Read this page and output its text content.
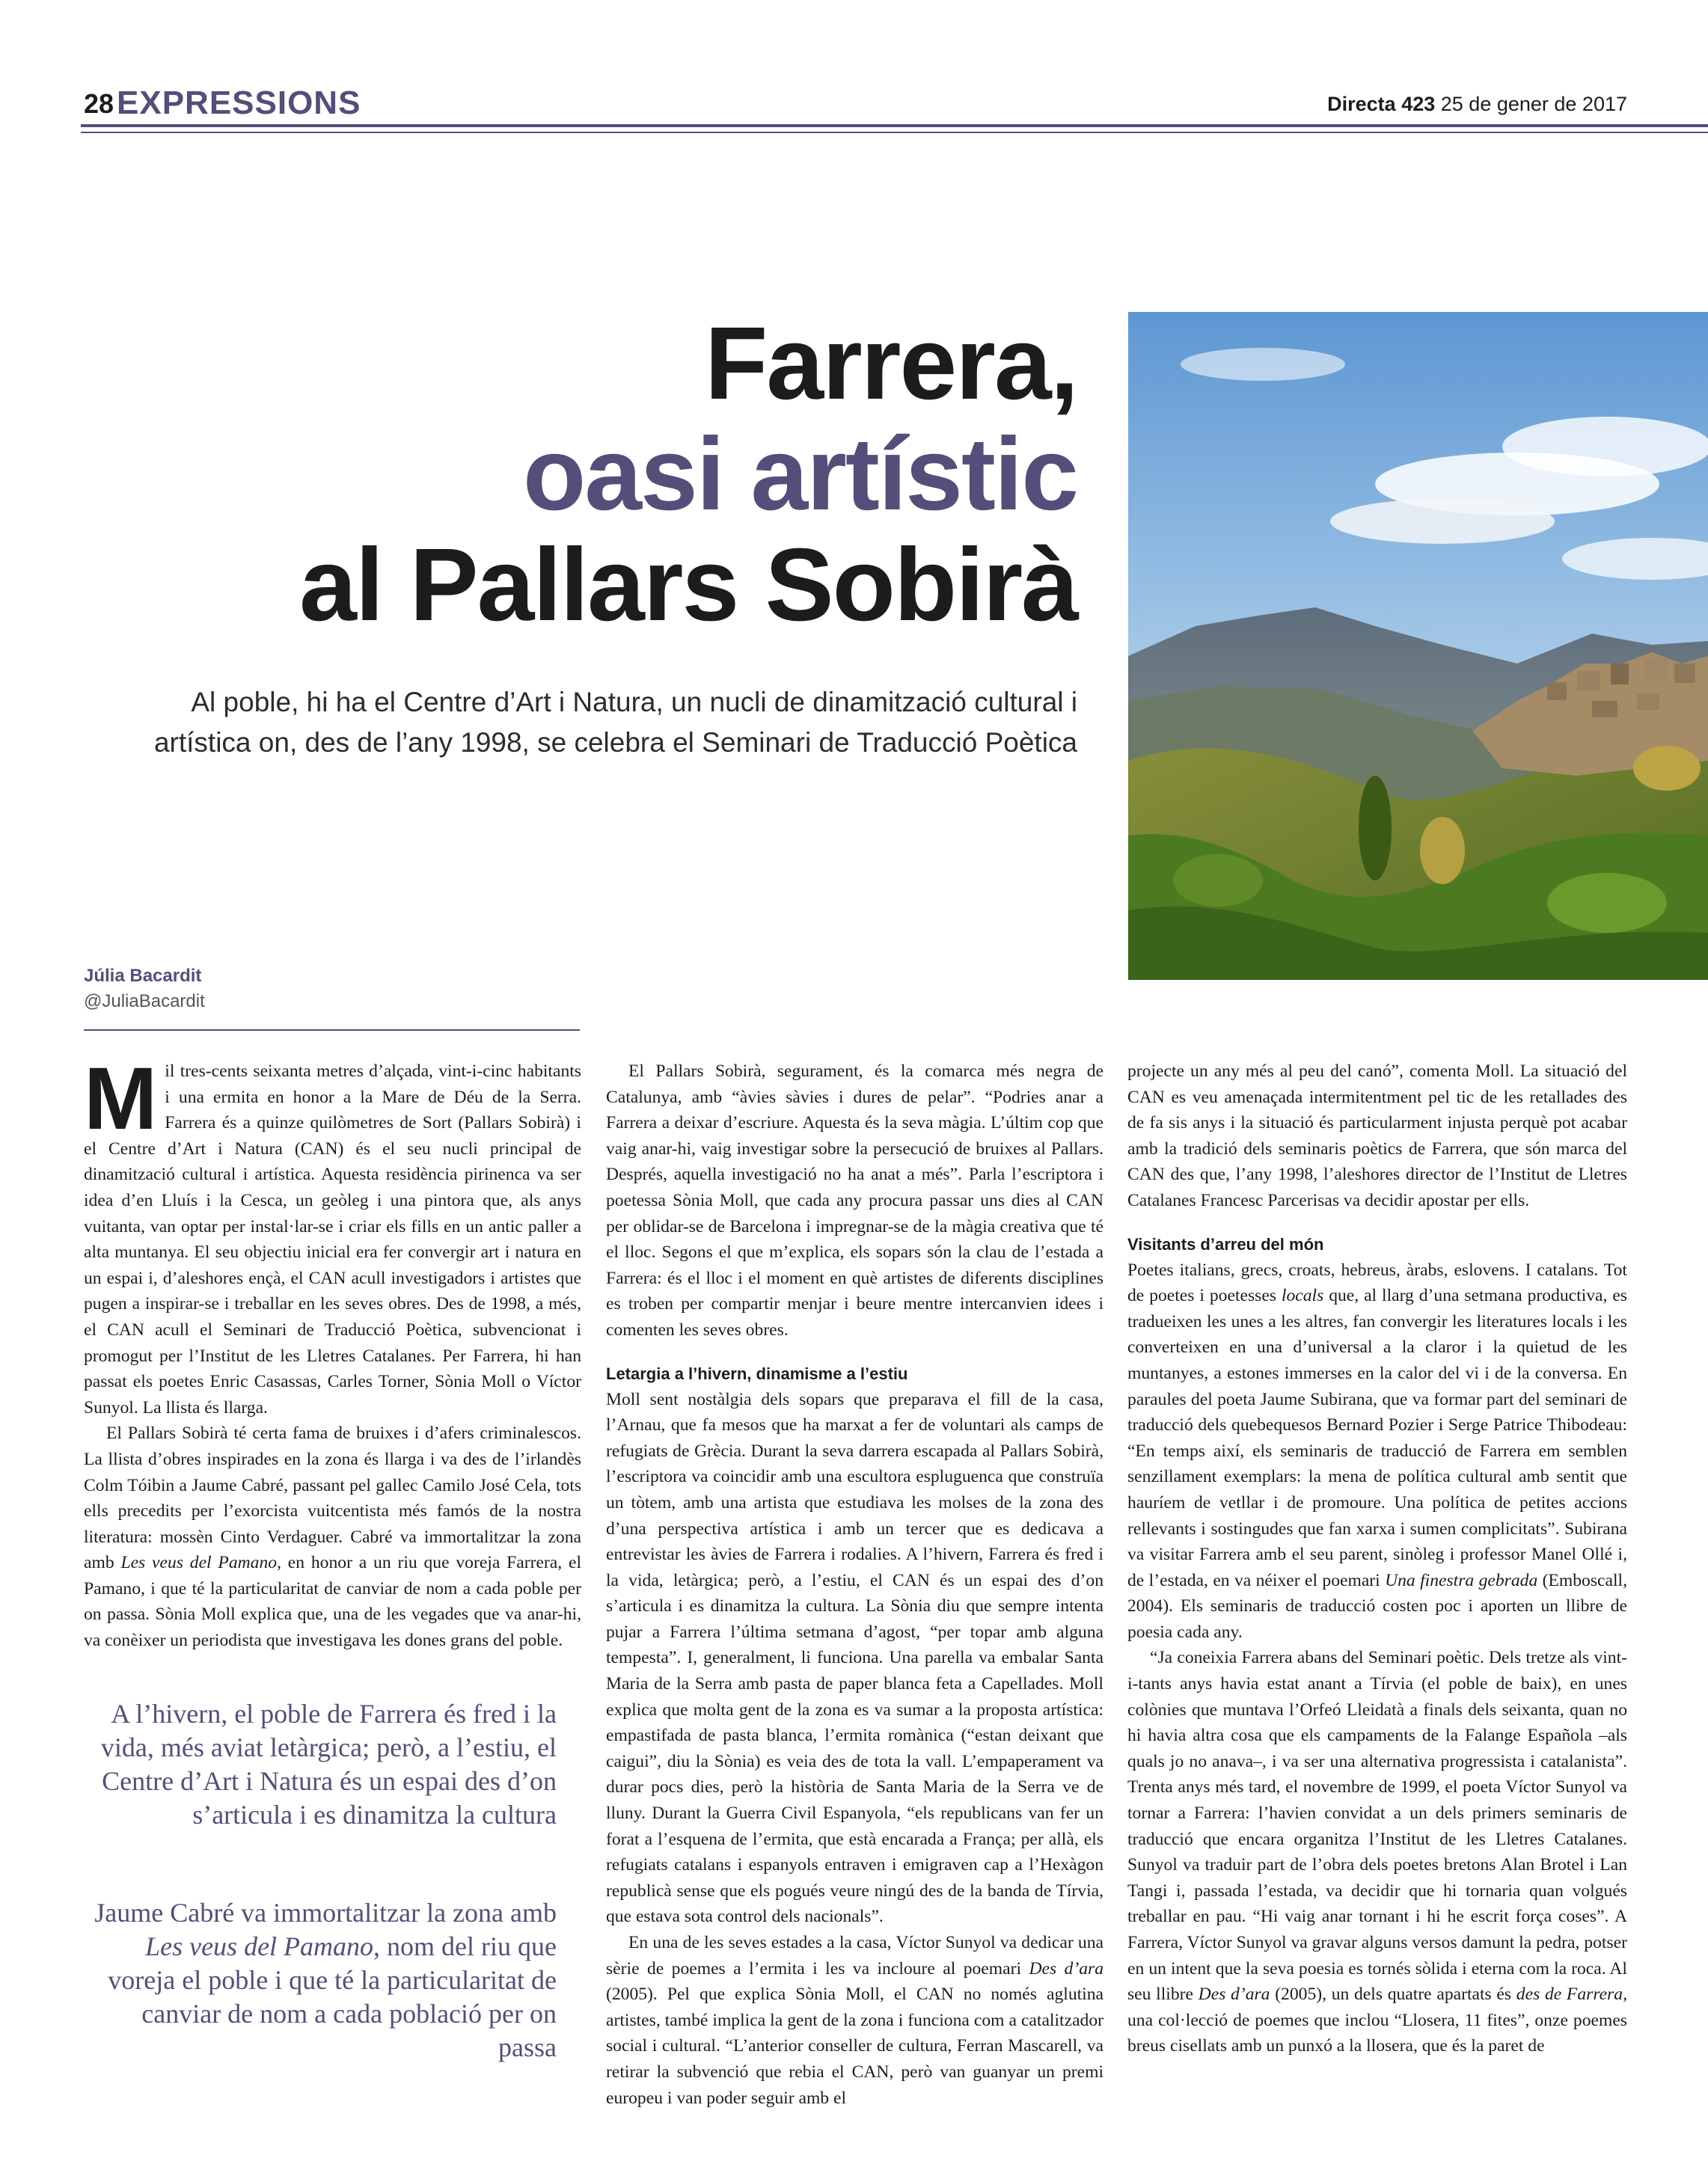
28 EXPRESSIONS	Directa 423 25 de gener de 2017
Farrera,
oasi artístic
al Pallars Sobirà
Al poble, hi ha el Centre d’Art i Natura, un nucli de dinamització cultural i artística on, des de l’any 1998, se celebra el Seminari de Traducció Poètica
Júlia Bacardit
@JuliaBacardit

Mil tres-cents seixanta metres d’alçada, vint-i-cinc habitants i una ermita en honor a la Mare de Déu de la Serra. Farrera és a quinze quilòmetres de Sort (Pallars Sobirà) i el Centre d’Art i Natura (CAN) és el seu nucli principal de dinamització cultural i artística. Aquesta residència pirinenca va ser idea d’en Lluís i la Cesca, un geòleg i una pintora que, als anys vuitanta, van optar per instal·lar-se i criar els fills en un antic paller a alta muntanya. El seu objectiu inicial era fer convergir art i natura en un espai i, d’aleshores ençà, el CAN acull investigadors i artistes que pugen a inspirar-se i treballar en les seves obres. Des de 1998, a més, el CAN acull el Seminari de Traducció Poètica, subvencionat i promogut per l’Institut de les Lletres Catalanes. Per Farrera, hi han passat els poetes Enric Casassas, Carles Torner, Sònia Moll o Víctor Sunyol. La llista és llarga.

El Pallars Sobirà té certa fama de bruixes i d’afers criminalescos. La llista d’obres inspirades en la zona és llarga i va des de l’irlandès Colm Tóibin a Jaume Cabré, passant pel gallec Camilo José Cela, tots ells precedits per l’exorcista vuitcentista més famós de la nostra literatura: mossèn Cinto Verdaguer. Cabré va immortalitzar la zona amb Les veus del Pamano, en honor a un riu que voreja Farrera, el Pamano, i que té la particularitat de canviar de nom a cada poble per on passa. Sònia Moll explica que, una de les vegades que va anar-hi, va conèixer un periodista que investigava les dones grans del poble.

A l’hivern, el poble de Farrera és fred i la vida, més aviat letàrgica; però, a l’estiu, el Centre d’Art i Natura és un espai des d’on s’articula i es dinamitza la cultura
Jaume Cabré va immortalitzar la zona amb Les veus del Pamano, nom del riu que voreja el poble i que té la particularitat de canviar de nom a cada població per on passa

El Pallars Sobirà, segurament, és la comarca més negra de Catalunya, amb “àvies sàvies i dures de pelar”. “Podries anar a Farrera a deixar d’escriure. Aquesta és la seva màgia. L’últim cop que vaig anar-hi, vaig investigar sobre la persecució de bruixes al Pallars. Després, aquella investigació no ha anat a més”. Parla l’escriptora i poetessa Sònia Moll, que cada any procura passar uns dies al CAN per oblidar-se de Barcelona i impregnar-se de la màgia creativa que té el lloc. Segons el que m’explica, els sopars són la clau de l’estada a Farrera: és el lloc i el moment en què artistes de diferents disciplines es troben per compartir menjar i beure mentre intercanvien idees i comenten les seves obres.

Letargia a l’hivern, dinamisme a l’estiu

Moll sent nostàlgia dels sopars que preparava el fill de la casa, l’Arnau, que fa mesos que ha marxat a fer de voluntari als camps de refugiats de Grècia. Durant la seva darrera escapada al Pallars Sobirà, l’escriptora va coincidir amb una escultora espluguenca que construïa un tòtem, amb una artista que estudiava les molses de la zona des d’una perspectiva artística i amb un tercer que es dedicava a entrevistar les àvies de Farrera i rodalies. A l’hivern, Farrera és fred i la vida, letàrgica; però, a l’estiu, el CAN és un espai des d’on s’articula i es dinamitza la cultura. La Sònia diu que sempre intenta pujar a Farrera l’última setmana d’agost, “per topar amb alguna tempesta”. I, generalment, li funciona. Una parella va embalar Santa Maria de la Serra amb pasta de paper blanca feta a Capellades. Moll explica que molta gent de la zona es va sumar a la proposta artística: empastifada de pasta blanca, l’ermita romànica (“estan deixant que caigui”, diu la Sònia) es veia des de tota la vall. L’empaperament va durar pocs dies, però la història de Santa Maria de la Serra ve de lluny. Durant la Guerra Civil Espanyola, “els republicans van fer un forat a l’esquena de l’ermita, que està encarada a França; per allà, els refugiats catalans i espanyols entraven i emigraven cap a l’Hexàgon republicà sense que els pogués veure ningú des de la banda de Tírvia, que estava sota control dels nacionals”.

En una de les seves estades a la casa, Víctor Sunyol va dedicar una sèrie de poemes a l’ermita i les va incloure al poemari Des d’ara (2005). Pel que explica Sònia Moll, el CAN no només aglutina artistes, també implica la gent de la zona i funciona com a catalitzador social i cultural. “L’anterior conseller de cultura, Ferran Mascarell, va retirar la subvenció que rebia el CAN, però van guanyar un premi europeu i van poder seguir amb el

projecte un any més al peu del canó”, comenta Moll. La situació del CAN es veu amenaçada intermitentment pel tic de les retallades des de fa sis anys i la situació és particularment injusta perquè pot acabar amb la tradició dels seminaris poètics de Farrera, que són marca del CAN des que, l’any 1998, l’aleshores director de l’Institut de Lletres Catalanes Francesc Parcerisas va decidir apostar per ells.

Visitants d’arreu del món

Poetes italians, grecs, croats, hebreus, àrabs, eslovens. I catalans. Tot de poetes i poetesses locals que, al llarg d’una setmana productiva, es tradueixen les unes a les altres, fan convergir les literatures locals i les converteixen en una d’universal a la claror i la quietud de les muntanyes, a estones immerses en la calor del vi i de la conversa. En paraules del poeta Jaume Subirana, que va formar part del seminari de traducció dels quebequesos Bernard Pozier i Serge Patrice Thibodeau: “En temps així, els seminaris de traducció de Farrera em semblen senzillament exemplars: la mena de política cultural amb sentit que hauríem de vetllar i de promoure. Una política de petites accions rellevants i sostingudes que fan xarxa i sumen complicitats”. Subirana va visitar Farrera amb el seu parent, sinòleg i professor Manel Ollé i, de l’estada, en va néixer el poemari Una finestra gebrada (Emboscall, 2004). Els seminaris de traducció costen poc i aporten un llibre de poesia cada any.

“Ja coneixia Farrera abans del Seminari poètic. Dels tretze als vint-i-tants anys havia estat anant a Tírvia (el poble de baix), en unes colònies que muntava l’Orfeó Lleidatà a finals dels seixanta, quan no hi havia altra cosa que els campaments de la Falange Española –als quals jo no anava–, i va ser una alternativa progressista i catalanista”. Trenta anys més tard, el novembre de 1999, el poeta Víctor Sunyol va tornar a Farrera: l’havien convidat a un dels primers seminaris de traducció que encara organitza l’Institut de les Lletres Catalanes. Sunyol va traduir part de l’obra dels poetes bretons Alan Brotel i Lan Tangi i, passada l’estada, va decidir que hi tornaria quan volgués treballar en pau. “Hi vaig anar tornant i hi he escrit força coses”. A Farrera, Víctor Sunyol va gravar alguns versos damunt la pedra, potser en un intent que la seva poesia es tornés sòlida i eterna com la roca. Al seu llibre Des d’ara (2005), un dels quatre apartats és des de Farrera, una col·lecció de poemes que inclou “Llosera, 11 fites”, onze poemes breus cisellats amb un punxó a la llosera, que és la paret de
